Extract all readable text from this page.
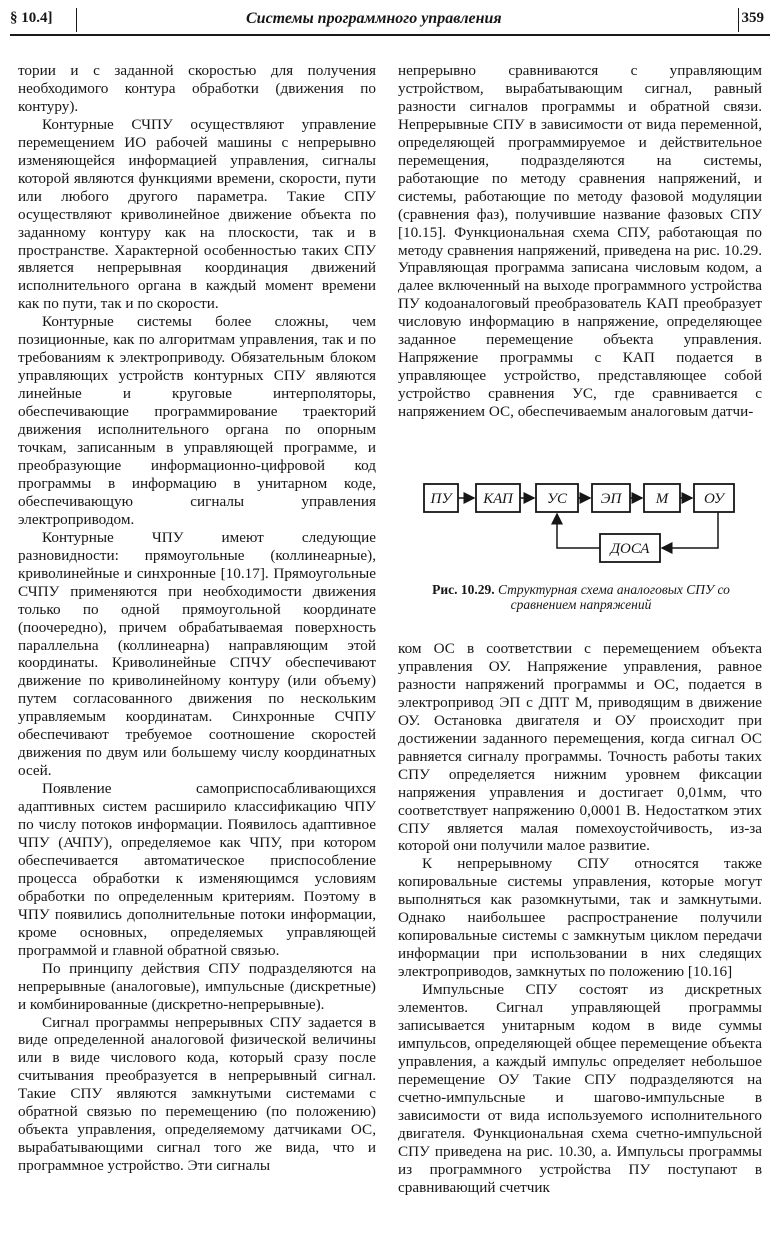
§ 10.4]	Системы программного управления	359

тории и с заданной скоростью для получения необходимого контура обработки (движения по контуру).

Контурные СЧПУ осуществляют управление перемещением ИО рабочей машины с непрерывно изменяющейся информацией управления, сигналы которой являются функциями времени, скорости, пути или любого другого параметра. Такие СПУ осуществляют криволинейное движение объекта по заданному контуру как на плоскости, так и в пространстве. Характерной особенностью таких СПУ является непрерывная координация движений исполнительного органа в каждый момент времени как по пути, так и по скорости.

Контурные системы более сложны, чем позиционные, как по алгоритмам управления, так и по требованиям к электроприводу. Обязательным блоком управляющих устройств контурных СПУ являются линейные и круговые интерполяторы, обеспечивающие программирование траекторий движения исполнительного органа по опорным точкам, записанным в управляющей программе, и преобразующие информационно-цифровой код программы в информацию в унитарном коде, обеспечивающую сигналы управления электроприводом.

Контурные ЧПУ имеют следующие разновидности: прямоугольные (коллинеарные), криволинейные и синхронные [10.17]. Прямоугольные СЧПУ применяются при необходимости движения только по одной прямоугольной координате (поочередно), причем обрабатываемая поверхность параллельна (коллинеарна) направляющим этой координаты. Криволинейные СПЧУ обеспечивают движение по криволинейному контуру (или объему) путем согласованного движения по нескольким управляемым координатам. Синхронные СЧПУ обеспечивают требуемое соотношение скоростей движения по двум или большему числу координатных осей.

Появление самоприспосабливающихся адаптивных систем расширило классификацию ЧПУ по числу потоков информации. Появилось адаптивное ЧПУ (АЧПУ), определяемое как ЧПУ, при котором обеспечивается автоматическое приспособление процесса обработки к изменяющимся условиям обработки по определенным критериям. Поэтому в ЧПУ появились дополнительные потоки информации, кроме основных, определяемых управляющей программой и главной обратной связью.

По принципу действия СПУ подразделяются на непрерывные (аналоговые), импульсные (дискретные) и комбинированные (дискретно-непрерывные).

Сигнал программы непрерывных СПУ задается в виде определенной аналоговой физической величины или в виде числового кода, который сразу после считывания преобразуется в непрерывный сигнал. Такие СПУ являются замкнутыми системами с обратной связью по перемещению (по положению) объекта управления, определяемому датчиками ОС, вырабатывающими сигнал того же вида, что и программное устройство. Эти сигналы

непрерывно сравниваются с управляющим устройством, вырабатывающим сигнал, равный разности сигналов программы и обратной связи. Непрерывные СПУ в зависимости от вида переменной, определяющей программируемое и действительное перемещения, подразделяются на системы, работающие по методу сравнения напряжений, и системы, работающие по методу фазовой модуляции (сравнения фаз), получившие название фазовых СПУ [10.15]. Функциональная схема СПУ, работающая по методу сравнения напряжений, приведена на рис. 10.29. Управляющая программа записана числовым кодом, а далее включенный на выходе программного устройства ПУ кодоаналоговый преобразователь КАП преобразует числовую информацию в напряжение, определяющее заданное перемещение объекта управления. Напряжение программы с КАП подается в управляющее устройство, представляющее собой устройство сравнения УС, где сравнивается с напряжением ОС, обеспечиваемым аналоговым датчи-

ПУ КАП УС ЭП М ОУ
ДОСА
Рис. 10.29. Структурная схема аналоговых СПУ со сравнением напряжений

ком ОС в соответствии с перемещением объекта управления ОУ. Напряжение управления, равное разности напряжений программы и ОС, подается в электропривод ЭП с ДПТ М, приводящим в движение ОУ. Остановка двигателя и ОУ происходит при достижении заданного перемещения, когда сигнал ОС равняется сигналу программы. Точность работы таких СПУ определяется нижним уровнем фиксации напряжения управления и достигает 0,01мм, что соответствует напряжению 0,0001 В. Недостатком этих СПУ является малая помехоустойчивость, из-за которой они получили малое развитие.

К непрерывному СПУ относятся также копировальные системы управления, которые могут выполняться как разомкнутыми, так и замкнутыми. Однако наибольшее распространение получили копировальные системы с замкнутым циклом передачи информации при использовании в них следящих электроприводов, замкнутых по положению [10.16]

Импульсные СПУ состоят из дискретных элементов. Сигнал управляющей программы записывается унитарным кодом в виде суммы импульсов, определяющей общее перемещение объекта управления, а каждый импульс определяет небольшое перемещение ОУ Такие СПУ подразделяются на счетно-импульсные и шагово-импульсные в зависимости от вида используемого исполнительного двигателя. Функциональная схема счетно-импульсной СПУ приведена на рис. 10.30, а. Импульсы программы из программного устройства ПУ поступают в сравнивающий счетчик
